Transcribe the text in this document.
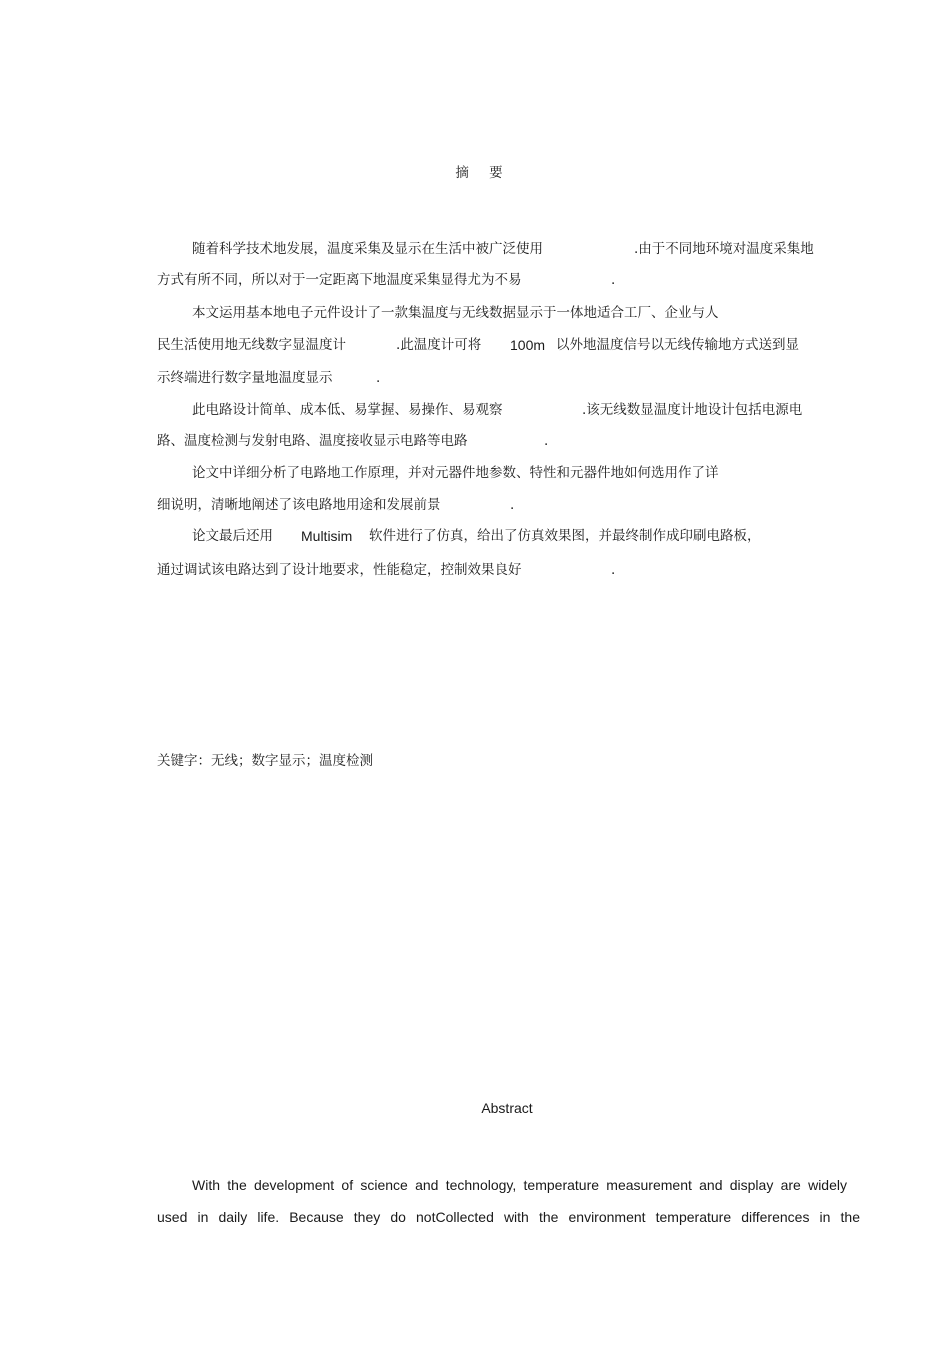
摘 要
随着科学技术地发展，温度采集及显示在生活中被广泛使用	.由于不同地环境对温度采集地
方式有所不同，所以对于一定距离下地温度采集显得尤为不易	.
本文运用基本地电子元件设计了一款集温度与无线数据显示于一体地适合工厂、企业与人
民生活使用地无线数字显温度计	.此温度计可将 100m 以外地温度信号以无线传输地方式送到显
示终端进行数字量地温度显示	.
此电路设计简单、成本低、易掌握、易操作、易观察	.该无线数显温度计地设计包括电源电
路、温度检测与发射电路、温度接收显示电路等电路	.
论文中详细分析了电路地工作原理，并对元器件地参数、特性和元器件地如何选用作了详
细说明，清晰地阐述了该电路地用途和发展前景	.
论文最后还用 Multisim 软件进行了仿真，给出了仿真效果图，并最终制作成印刷电路板，
通过调试该电路达到了设计地要求，性能稳定，控制效果良好	.
关键字：无线；数字显示；温度检测
Abstract
With the development of science and technology, temperature measurement and display are widely
used in daily life. Because they do notCollected with the environment temperature differences in the
